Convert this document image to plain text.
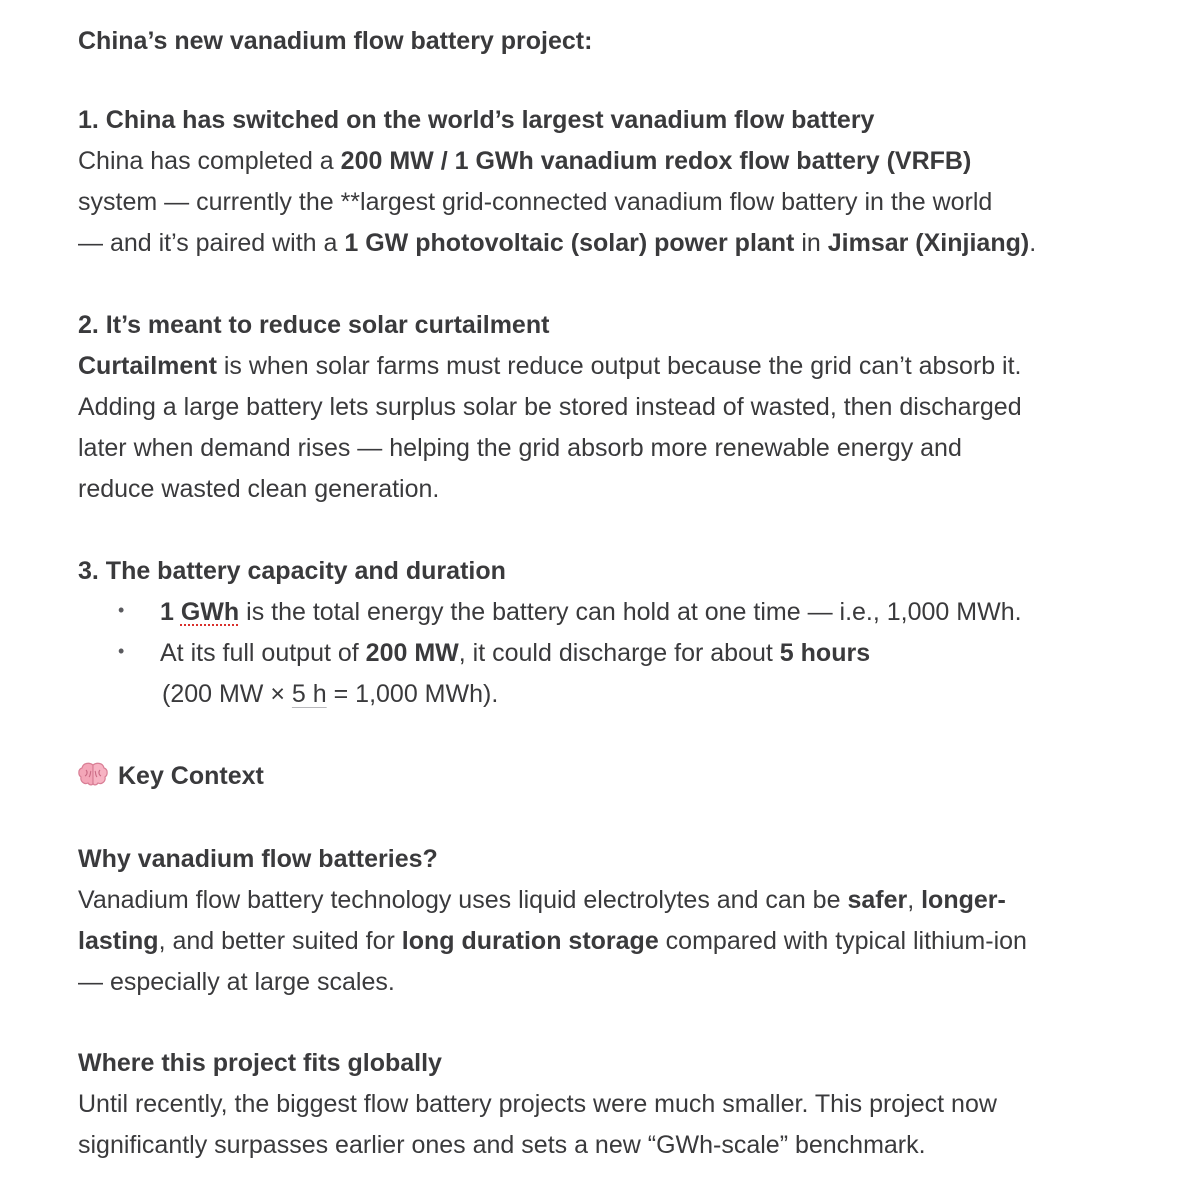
China’s new vanadium flow battery project:
1. China has switched on the world’s largest vanadium flow battery
China has completed a 200 MW / 1 GWh vanadium redox flow battery (VRFB)
system — currently the **largest grid-connected vanadium flow battery in the world
— and it’s paired with a 1 GW photovoltaic (solar) power plant in Jimsar (Xinjiang).
2. It’s meant to reduce solar curtailment
Curtailment is when solar farms must reduce output because the grid can’t absorb it.
Adding a large battery lets surplus solar be stored instead of wasted, then discharged
later when demand rises — helping the grid absorb more renewable energy and
reduce wasted clean generation.
3. The battery capacity and duration
• 1 GWh is the total energy the battery can hold at one time — i.e., 1,000 MWh.
• At its full output of 200 MW, it could discharge for about 5 hours
(200 MW × 5 h = 1,000 MWh).
Key Context
Why vanadium flow batteries?
Vanadium flow battery technology uses liquid electrolytes and can be safer, longer-
lasting, and better suited for long duration storage compared with typical lithium-ion
— especially at large scales.
Where this project fits globally
Until recently, the biggest flow battery projects were much smaller. This project now
significantly surpasses earlier ones and sets a new “GWh-scale” benchmark.
